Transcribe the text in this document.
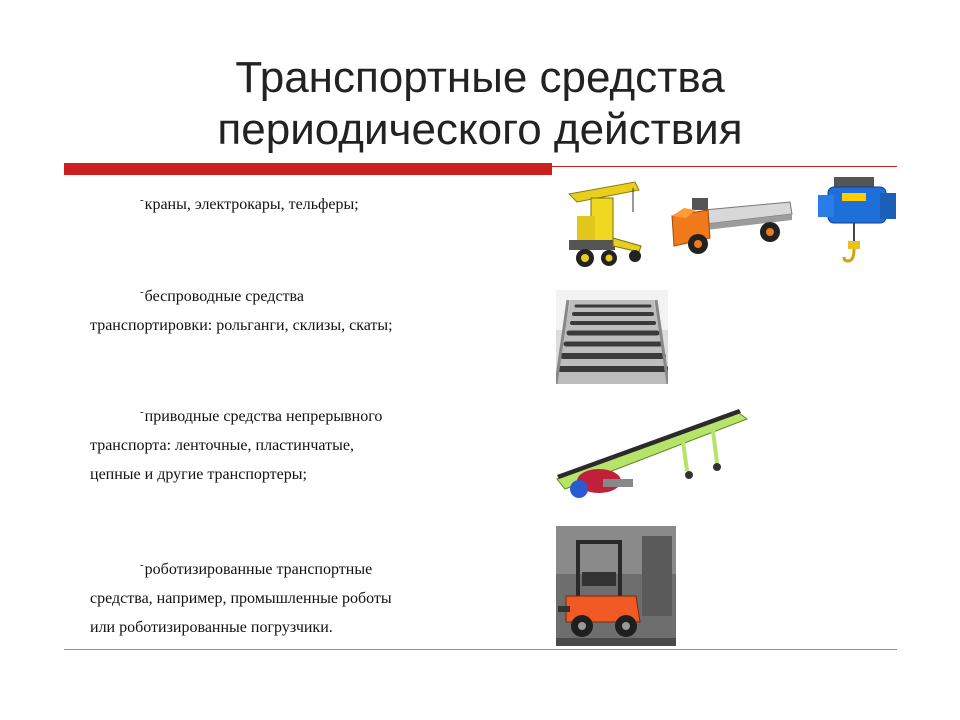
Транспортные средства
периодического действия
-краны, электрокары, тельферы;
-беспроводные средства
транспортировки: рольганги, склизы, скаты;
-приводные средства непрерывного
транспорта: ленточные, пластинчатые,
цепные и другие транспортеры;
-роботизированные транспортные
средства, например, промышленные роботы
или роботизированные погрузчики.
